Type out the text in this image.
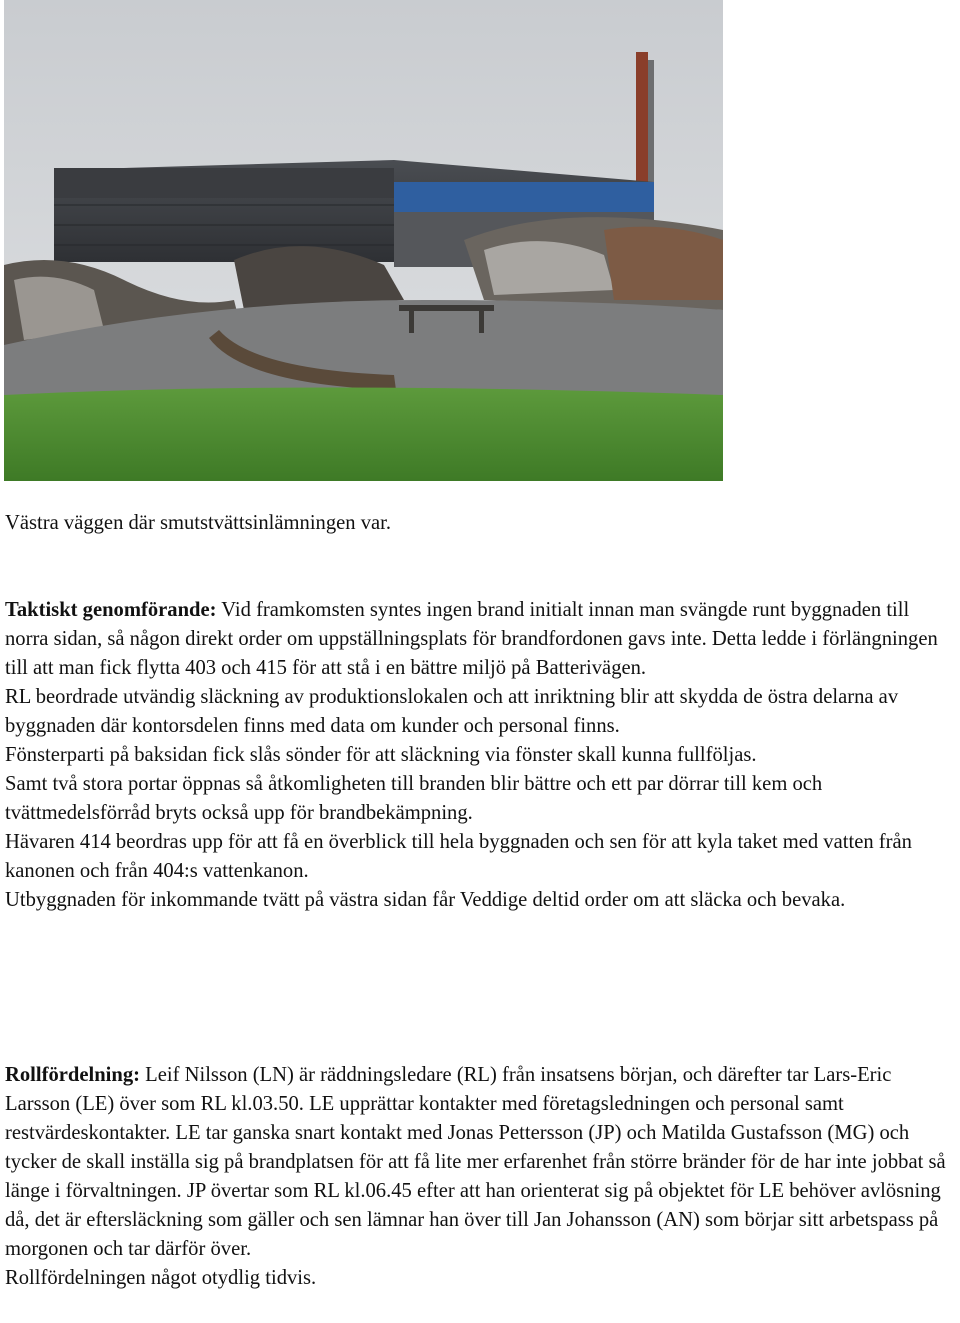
Västra väggen där smutstvättsinlämningen var.

Taktiskt genomförande: Vid framkomsten syntes ingen brand initialt innan man svängde runt byggnaden till norra sidan, så någon direkt order om uppställningsplats för brandfordonen gavs inte. Detta ledde i förlängningen till att man fick flytta 403 och 415 för att stå i en bättre miljö på Batterivägen.

RL beordrade utvändig släckning av produktionslokalen och att inriktning blir att skydda de östra delarna av byggnaden där kontorsdelen finns med data om kunder och personal finns.

Fönsterparti på baksidan fick slås sönder för att släckning via fönster skall kunna fullföljas.

Samt två stora portar öppnas så åtkomligheten till branden blir bättre och ett par dörrar till kem och tvättmedelsförråd bryts också upp för brandbekämpning.

Hävaren 414 beordras upp för att få en överblick till hela byggnaden och sen för att kyla taket med vatten från kanonen och från 404:s vattenkanon.

Utbyggnaden för inkommande tvätt på västra sidan får Veddige deltid order om att släcka och bevaka.

Rollfördelning: Leif Nilsson (LN) är räddningsledare (RL) från insatsens början, och därefter tar Lars-Eric Larsson (LE) över som RL kl.03.50. LE upprättar kontakter med företagsledningen och personal samt restvärdeskontakter. LE tar ganska snart kontakt med Jonas Pettersson (JP) och Matilda Gustafsson (MG) och tycker de skall inställa sig på brandplatsen för att få lite mer erfarenhet från större bränder för de har inte jobbat så länge i förvaltningen. JP övertar som RL kl.06.45 efter att han orienterat sig på objektet för LE behöver avlösning då, det är eftersläckning som gäller och sen lämnar han över till Jan Johansson (AN) som börjar sitt arbetspass på morgonen och tar därför över.

Rollfördelningen något otydlig tidvis.
